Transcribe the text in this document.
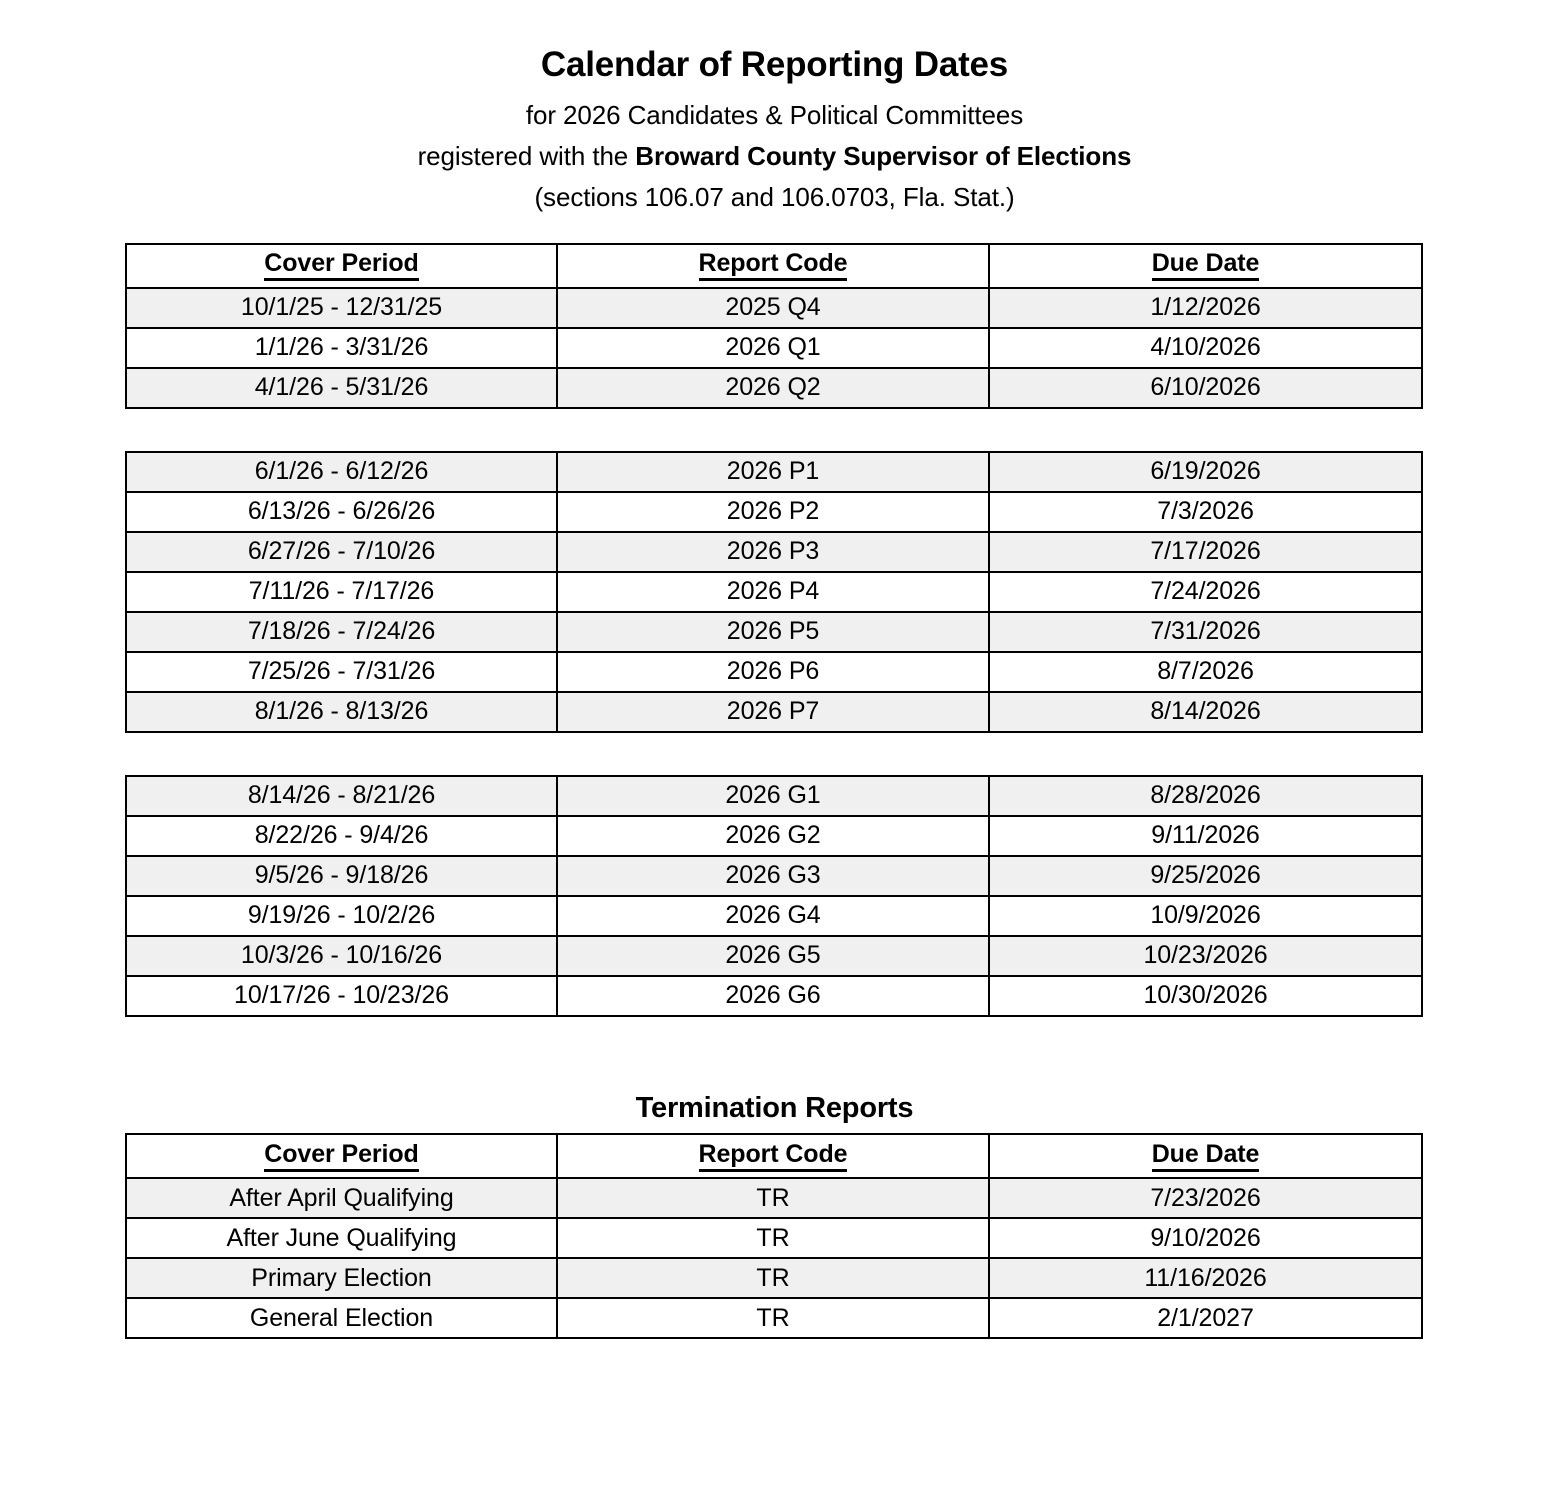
Calendar of Reporting Dates

for 2026 Candidates & Political Committees

registered with the Broward County Supervisor of Elections

(sections 106.07 and 106.0703, Fla. Stat.)

Cover Period	Report Code	Due Date
10/1/25 - 12/31/25	2025 Q4	1/12/2026
1/1/26 - 3/31/26	2026 Q1	4/10/2026
4/1/26 - 5/31/26	2026 Q2	6/10/2026
6/1/26 - 6/12/26	2026 P1	6/19/2026
6/13/26 - 6/26/26	2026 P2	7/3/2026
6/27/26 - 7/10/26	2026 P3	7/17/2026
7/11/26 - 7/17/26	2026 P4	7/24/2026
7/18/26 - 7/24/26	2026 P5	7/31/2026
7/25/26 - 7/31/26	2026 P6	8/7/2026
8/1/26 - 8/13/26	2026 P7	8/14/2026
8/14/26 - 8/21/26	2026 G1	8/28/2026
8/22/26 - 9/4/26	2026 G2	9/11/2026
9/5/26 - 9/18/26	2026 G3	9/25/2026
9/19/26 - 10/2/26	2026 G4	10/9/2026
10/3/26 - 10/16/26	2026 G5	10/23/2026
10/17/26 - 10/23/26	2026 G6	10/30/2026
Termination Reports
Cover Period	Report Code	Due Date
After April Qualifying	TR	7/23/2026
After June Qualifying	TR	9/10/2026
Primary Election	TR	11/16/2026
General Election	TR	2/1/2027
